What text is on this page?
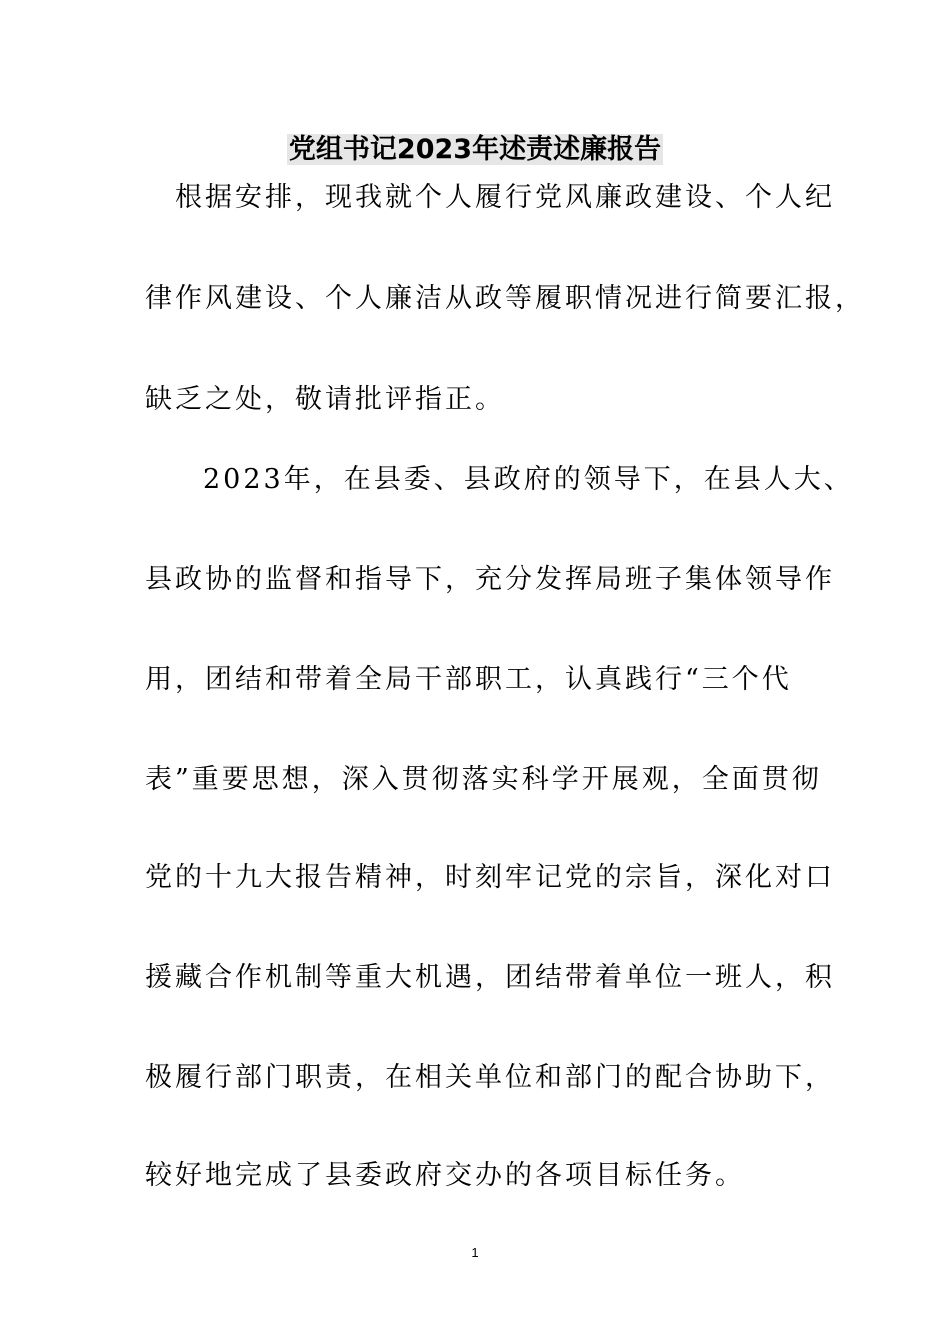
党组书记2023年述责述廉报告
根据安排，现我就个人履行党风廉政建设、个人纪
律作风建设、个人廉洁从政等履职情况进行简要汇报，
缺乏之处，敬请批评指正。
2023年，在县委、县政府的领导下，在县人大、
县政协的监督和指导下，充分发挥局班子集体领导作
用，团结和带着全局干部职工，认真践行“三个代
表”重要思想，深入贯彻落实科学开展观，全面贯彻
党的十九大报告精神，时刻牢记党的宗旨，深化对口
援藏合作机制等重大机遇，团结带着单位一班人，积
极履行部门职责，在相关单位和部门的配合协助下，
较好地完成了县委政府交办的各项目标任务。
1
